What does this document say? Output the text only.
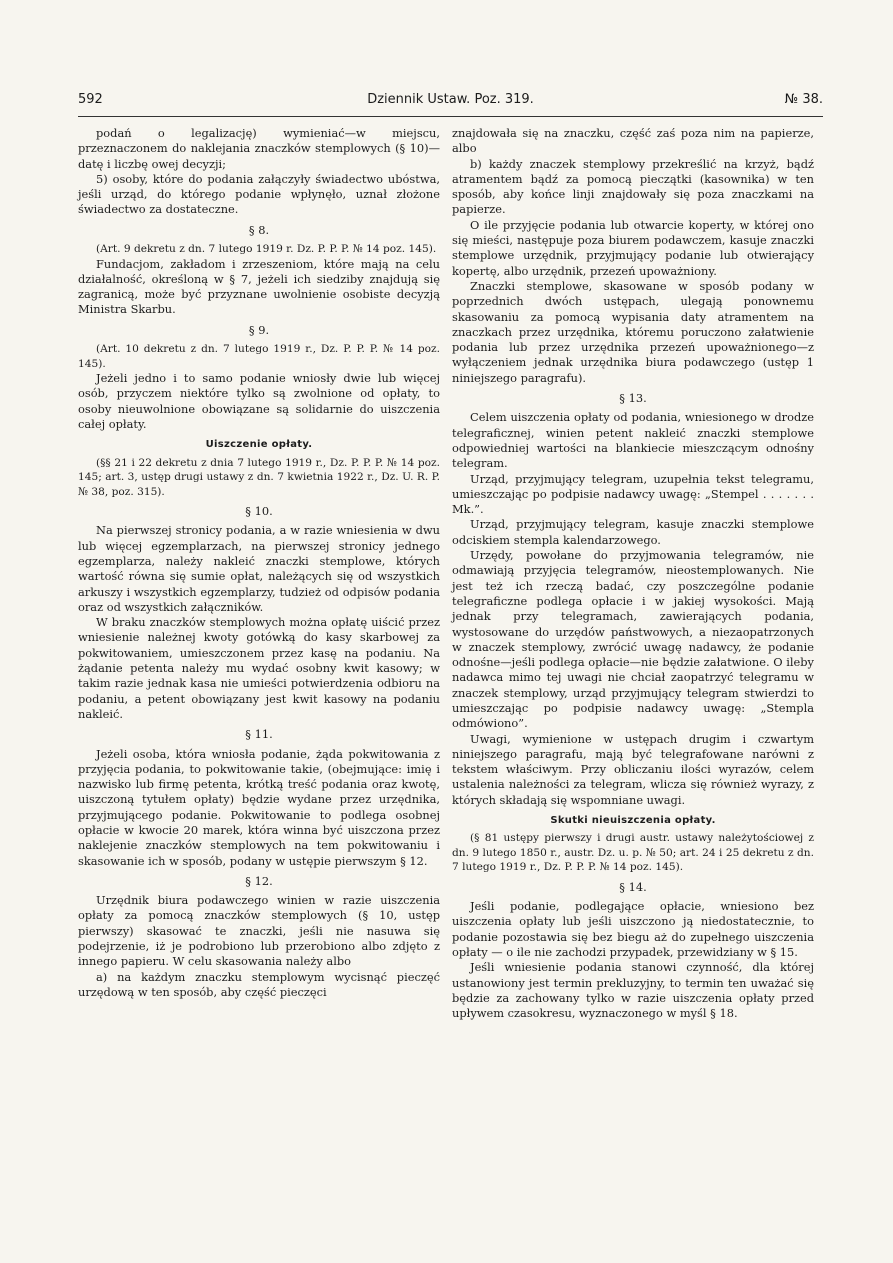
592	Dziennik Ustaw. Poz. 319.	№ 38.

podań o legalizację) wymieniać—w miejscu, przeznaczonem do naklejania znaczków stemplowych (§ 10)—datę i liczbę owej decyzji;

5) osoby, które do podania załączyły świadectwo ubóstwa, jeśli urząd, do którego podanie wpłynęło, uznał złożone świadectwo za dostateczne.

§ 8.

(Art. 9 dekretu z dn. 7 lutego 1919 r. Dz. P. P. P. № 14 poz. 145).

Fundacjom, zakładom i zrzeszeniom, które mają na celu działalność, określoną w § 7, jeżeli ich siedziby znajdują się zagranicą, może być przyznane uwolnienie osobiste decyzją Ministra Skarbu.

§ 9.

(Art. 10 dekretu z dn. 7 lutego 1919 r., Dz. P. P. P. № 14 poz. 145).

Jeżeli jedno i to samo podanie wniosły dwie lub więcej osób, przyczem niektóre tylko są zwolnione od opłaty, to osoby nieuwolnione obowiązane są solidarnie do uiszczenia całej opłaty.

Uiszczenie opłaty.

(§§ 21 i 22 dekretu z dnia 7 lutego 1919 r., Dz. P. P. P. № 14 poz. 145; art. 3, ustęp drugi ustawy z dn. 7 kwietnia 1922 r., Dz. U. R. P. № 38, poz. 315).

§ 10.

Na pierwszej stronicy podania, a w razie wniesienia w dwu lub więcej egzemplarzach, na pierwszej stronicy jednego egzemplarza, należy nakleić znaczki stemplowe, których wartość równa się sumie opłat, należących się od wszystkich arkuszy i wszystkich egzemplarzy, tudzież od odpisów podania oraz od wszystkich załączników.

W braku znaczków stemplowych można opłatę uiścić przez wniesienie należnej kwoty gotówką do kasy skarbowej za pokwitowaniem, umieszczonem przez kasę na podaniu. Na żądanie petenta należy mu wydać osobny kwit kasowy; w takim razie jednak kasa nie umieści potwierdzenia odbioru na podaniu, a petent obowiązany jest kwit kasowy na podaniu nakleić.

§ 11.

Jeżeli osoba, która wniosła podanie, żąda pokwitowania z przyjęcia podania, to pokwitowanie takie, (obejmujące: imię i nazwisko lub firmę petenta, krótką treść podania oraz kwotę, uiszczoną tytułem opłaty) będzie wydane przez urzędnika, przyjmującego podanie. Pokwitowanie to podlega osobnej opłacie w kwocie 20 marek, która winna być uiszczona przez naklejenie znaczków stemplowych na tem pokwitowaniu i skasowanie ich w sposób, podany w ustępie pierwszym § 12.

§ 12.

Urzędnik biura podawczego winien w razie uiszczenia opłaty za pomocą znaczków stemplowych (§ 10, ustęp pierwszy) skasować te znaczki, jeśli nie nasuwa się podejrzenie, iż je podrobiono lub przerobiono albo zdjęto z innego papieru. W celu skasowania należy albo

a) na każdym znaczku stemplowym wycisnąć pieczęć urzędową w ten sposób, aby część pieczęci

znajdowała się na znaczku, część zaś poza nim na papierze, albo

b) każdy znaczek stemplowy przekreślić na krzyż, bądź atramentem bądź za pomocą pieczątki (kasownika) w ten sposób, aby końce linji znajdowały się poza znaczkami na papierze.

O ile przyjęcie podania lub otwarcie koperty, w której ono się mieści, następuje poza biurem podawczem, kasuje znaczki stemplowe urzędnik, przyjmujący podanie lub otwierający kopertę, albo urzędnik, przezeń upoważniony.

Znaczki stemplowe, skasowane w sposób podany w poprzednich dwóch ustępach, ulegają ponownemu skasowaniu za pomocą wypisania daty atramentem na znaczkach przez urzędnika, któremu poruczono załatwienie podania lub przez urzędnika przezeń upoważnionego—z wyłączeniem jednak urzędnika biura podawczego (ustęp 1 niniejszego paragrafu).

§ 13.

Celem uiszczenia opłaty od podania, wniesionego w drodze telegraficznej, winien petent nakleić znaczki stemplowe odpowiedniej wartości na blankiecie mieszczącym odnośny telegram.

Urząd, przyjmujący telegram, uzupełnia tekst telegramu, umieszczając po podpisie nadawcy uwagę: „Stempel . . . . . . . Mk.”.

Urząd, przyjmujący telegram, kasuje znaczki stemplowe odciskiem stempla kalendarzowego.

Urzędy, powołane do przyjmowania telegramów, nie odmawiają przyjęcia telegramów, nieostemplowanych. Nie jest też ich rzeczą badać, czy poszczególne podanie telegraficzne podlega opłacie i w jakiej wysokości. Mają jednak przy telegramach, zawierających podania, wystosowane do urzędów państwowych, a niezaopatrzonych w znaczek stemplowy, zwrócić uwagę nadawcy, że podanie odnośne—jeśli podlega opłacie—nie będzie załatwione. O ileby nadawca mimo tej uwagi nie chciał zaopatrzyć telegramu w znaczek stemplowy, urząd przyjmujący telegram stwierdzi to umieszczając po podpisie nadawcy uwagę: „Stempla odmówiono”.

Uwagi, wymienione w ustępach drugim i czwartym niniejszego paragrafu, mają być telegrafowane narówni z tekstem właściwym. Przy obliczaniu ilości wyrazów, celem ustalenia należności za telegram, wlicza się również wyrazy, z których składają się wspomniane uwagi.

Skutki nieuiszczenia opłaty.

(§ 81 ustępy pierwszy i drugi austr. ustawy należytościowej z dn. 9 lutego 1850 r., austr. Dz. u. p. № 50; art. 24 i 25 dekretu z dn. 7 lutego 1919 r., Dz. P. P. P. № 14 poz. 145).

§ 14.

Jeśli podanie, podlegające opłacie, wniesiono bez uiszczenia opłaty lub jeśli uiszczono ją niedostatecznie, to podanie pozostawia się bez biegu aż do zupełnego uiszczenia opłaty — o ile nie zachodzi przypadek, przewidziany w § 15.

Jeśli wniesienie podania stanowi czynność, dla której ustanowiony jest termin prekluzyjny, to termin ten uważać się będzie za zachowany tylko w razie uiszczenia opłaty przed upływem czasokresu, wyznaczonego w myśl § 18.
